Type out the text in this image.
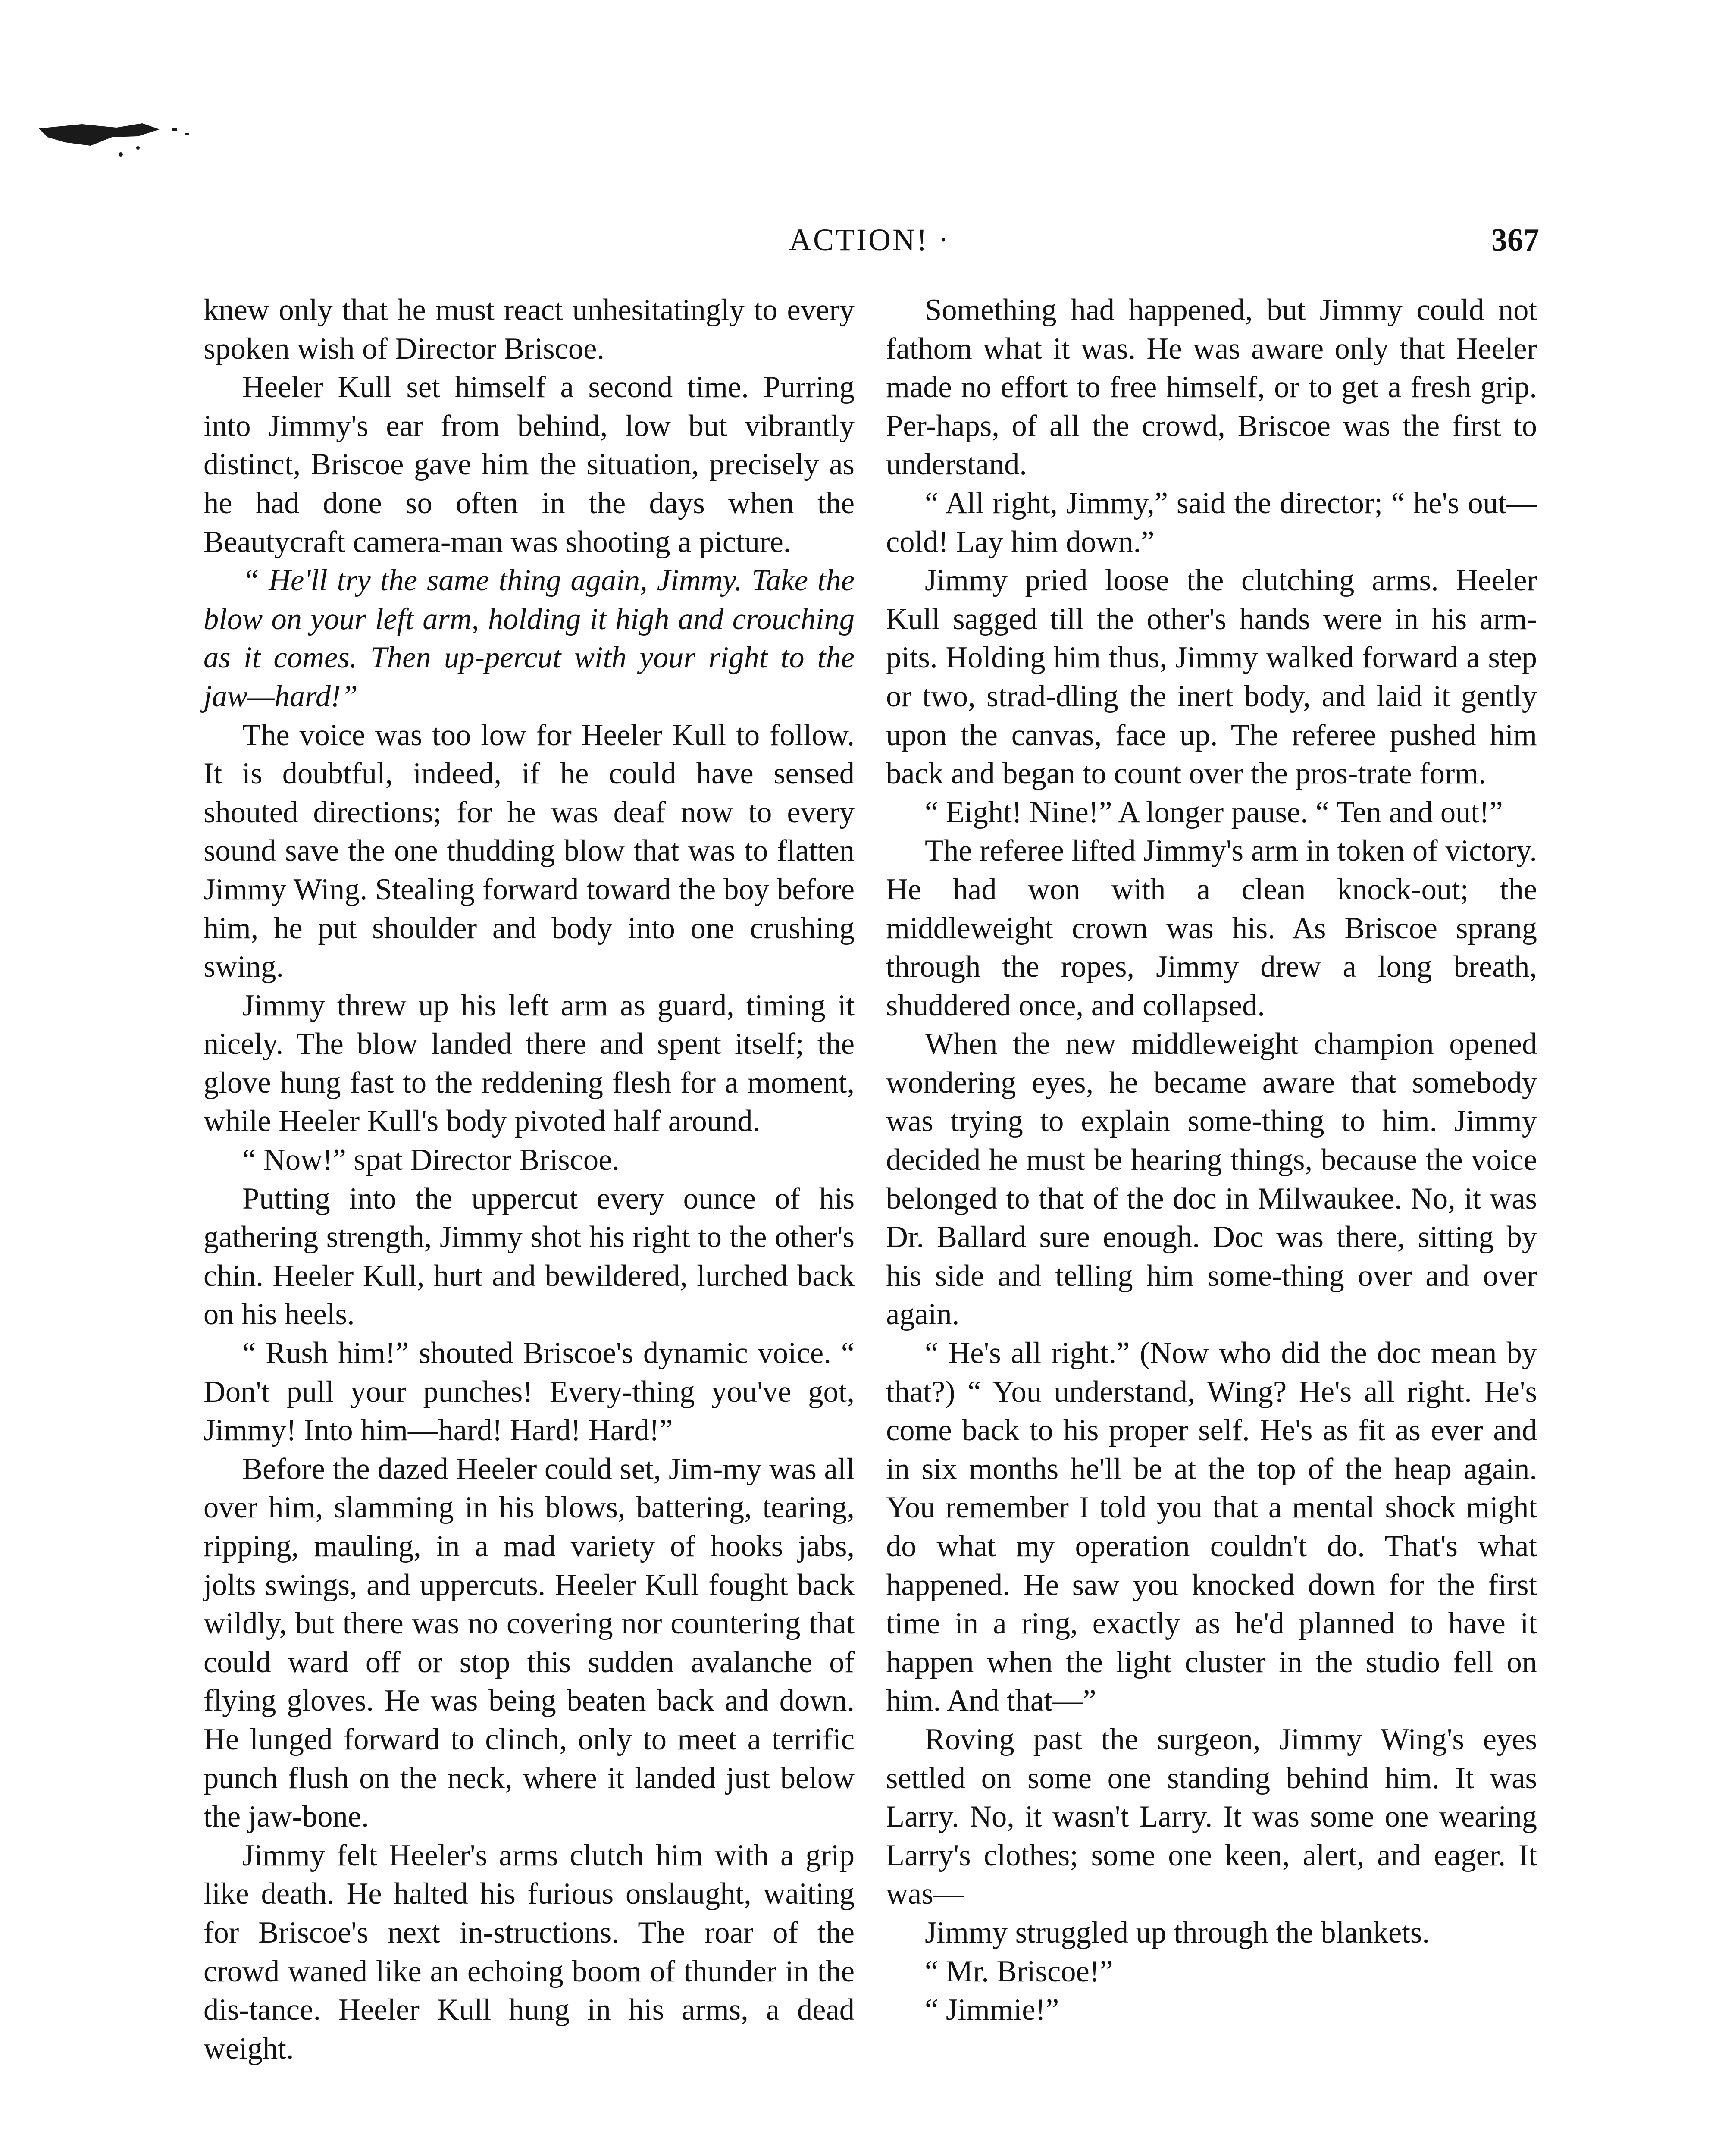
ACTION! ·	367

knew only that he must react unhesitatingly to every spoken wish of Director Briscoe.

Heeler Kull set himself a second time. Purring into Jimmy's ear from behind, low but vibrantly distinct, Briscoe gave him the situation, precisely as he had done so often in the days when the Beautycraft camera-man was shooting a picture.

“ He'll try the same thing again, Jimmy. Take the blow on your left arm, holding it high and crouching as it comes. Then up-percut with your right to the jaw—hard!”

The voice was too low for Heeler Kull to follow. It is doubtful, indeed, if he could have sensed shouted directions; for he was deaf now to every sound save the one thudding blow that was to flatten Jimmy Wing. Stealing forward toward the boy before him, he put shoulder and body into one crushing swing.

Jimmy threw up his left arm as guard, timing it nicely. The blow landed there and spent itself; the glove hung fast to the reddening flesh for a moment, while Heeler Kull's body pivoted half around.

“ Now!” spat Director Briscoe.

Putting into the uppercut every ounce of his gathering strength, Jimmy shot his right to the other's chin. Heeler Kull, hurt and bewildered, lurched back on his heels.

“ Rush him!” shouted Briscoe's dynamic voice. “ Don't pull your punches! Every-thing you've got, Jimmy! Into him—hard! Hard! Hard!”

Before the dazed Heeler could set, Jim-my was all over him, slamming in his blows, battering, tearing, ripping, mauling, in a mad variety of hooks jabs, jolts swings, and uppercuts. Heeler Kull fought back wildly, but there was no covering nor countering that could ward off or stop this sudden avalanche of flying gloves. He was being beaten back and down. He lunged forward to clinch, only to meet a terrific punch flush on the neck, where it landed just below the jaw-bone.

Jimmy felt Heeler's arms clutch him with a grip like death. He halted his furious onslaught, waiting for Briscoe's next in-structions. The roar of the crowd waned like an echoing boom of thunder in the dis-tance. Heeler Kull hung in his arms, a dead weight.

Something had happened, but Jimmy could not fathom what it was. He was aware only that Heeler made no effort to free himself, or to get a fresh grip. Per-haps, of all the crowd, Briscoe was the first to understand.

“ All right, Jimmy,” said the director; “ he's out—cold! Lay him down.”

Jimmy pried loose the clutching arms. Heeler Kull sagged till the other's hands were in his arm-pits. Holding him thus, Jimmy walked forward a step or two, strad-dling the inert body, and laid it gently upon the canvas, face up. The referee pushed him back and began to count over the pros-trate form.

“ Eight! Nine!” A longer pause. “ Ten and out!”

The referee lifted Jimmy's arm in token of victory. He had won with a clean knock-out; the middleweight crown was his. As Briscoe sprang through the ropes, Jimmy drew a long breath, shuddered once, and collapsed.

When the new middleweight champion opened wondering eyes, he became aware that somebody was trying to explain some-thing to him. Jimmy decided he must be hearing things, because the voice belonged to that of the doc in Milwaukee. No, it was Dr. Ballard sure enough. Doc was there, sitting by his side and telling him some-thing over and over again.

“ He's all right.” (Now who did the doc mean by that?) “ You understand, Wing? He's all right. He's come back to his proper self. He's as fit as ever and in six months he'll be at the top of the heap again. You remember I told you that a mental shock might do what my operation couldn't do. That's what happened. He saw you knocked down for the first time in a ring, exactly as he'd planned to have it happen when the light cluster in the studio fell on him. And that—”

Roving past the surgeon, Jimmy Wing's eyes settled on some one standing behind him. It was Larry. No, it wasn't Larry. It was some one wearing Larry's clothes; some one keen, alert, and eager. It was—

Jimmy struggled up through the blankets.

“ Mr. Briscoe!”

“ Jimmie!”
